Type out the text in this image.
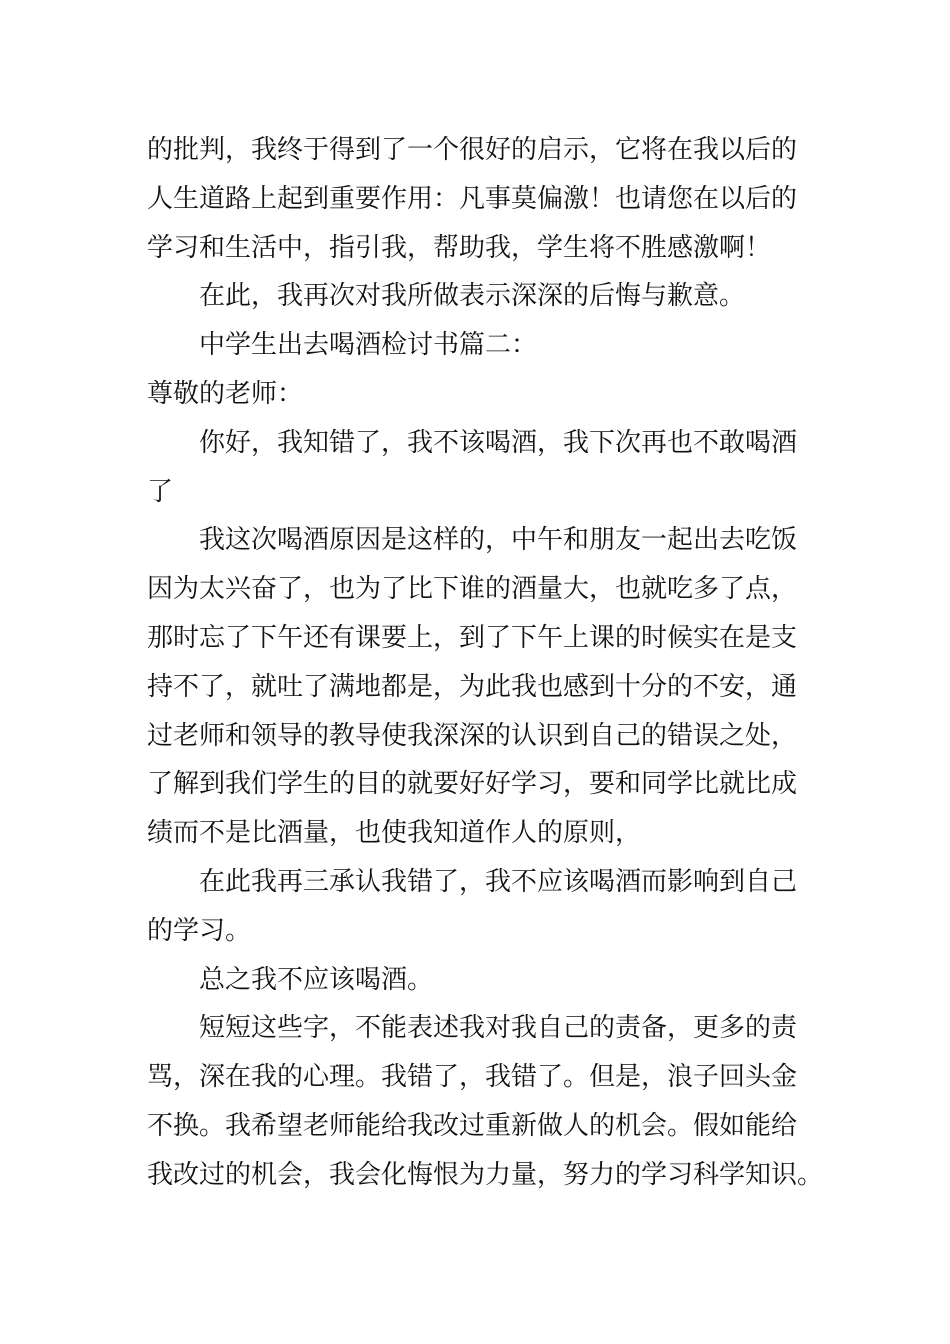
的批判，我终于得到了一个很好的启示，它将在我以后的
人生道路上起到重要作用：凡事莫偏激！也请您在以后的
学习和生活中，指引我，帮助我，学生将不胜感激啊！
在此，我再次对我所做表示深深的后悔与歉意。
中学生出去喝酒检讨书篇二：
尊敬的老师：
你好，我知错了，我不该喝酒，我下次再也不敢喝酒
了
我这次喝酒原因是这样的，中午和朋友一起出去吃饭
因为太兴奋了，也为了比下谁的酒量大，也就吃多了点，
那时忘了下午还有课要上，到了下午上课的时候实在是支
持不了，就吐了满地都是，为此我也感到十分的不安，通
过老师和领导的教导使我深深的认识到自己的错误之处，
了解到我们学生的目的就要好好学习，要和同学比就比成
绩而不是比酒量，也使我知道作人的原则，
在此我再三承认我错了，我不应该喝酒而影响到自己
的学习。
总之我不应该喝酒。
短短这些字，不能表述我对我自己的责备，更多的责
骂，深在我的心理。我错了，我错了。但是，浪子回头金
不换。我希望老师能给我改过重新做人的机会。假如能给
我改过的机会，我会化悔恨为力量，努力的学习科学知识。
